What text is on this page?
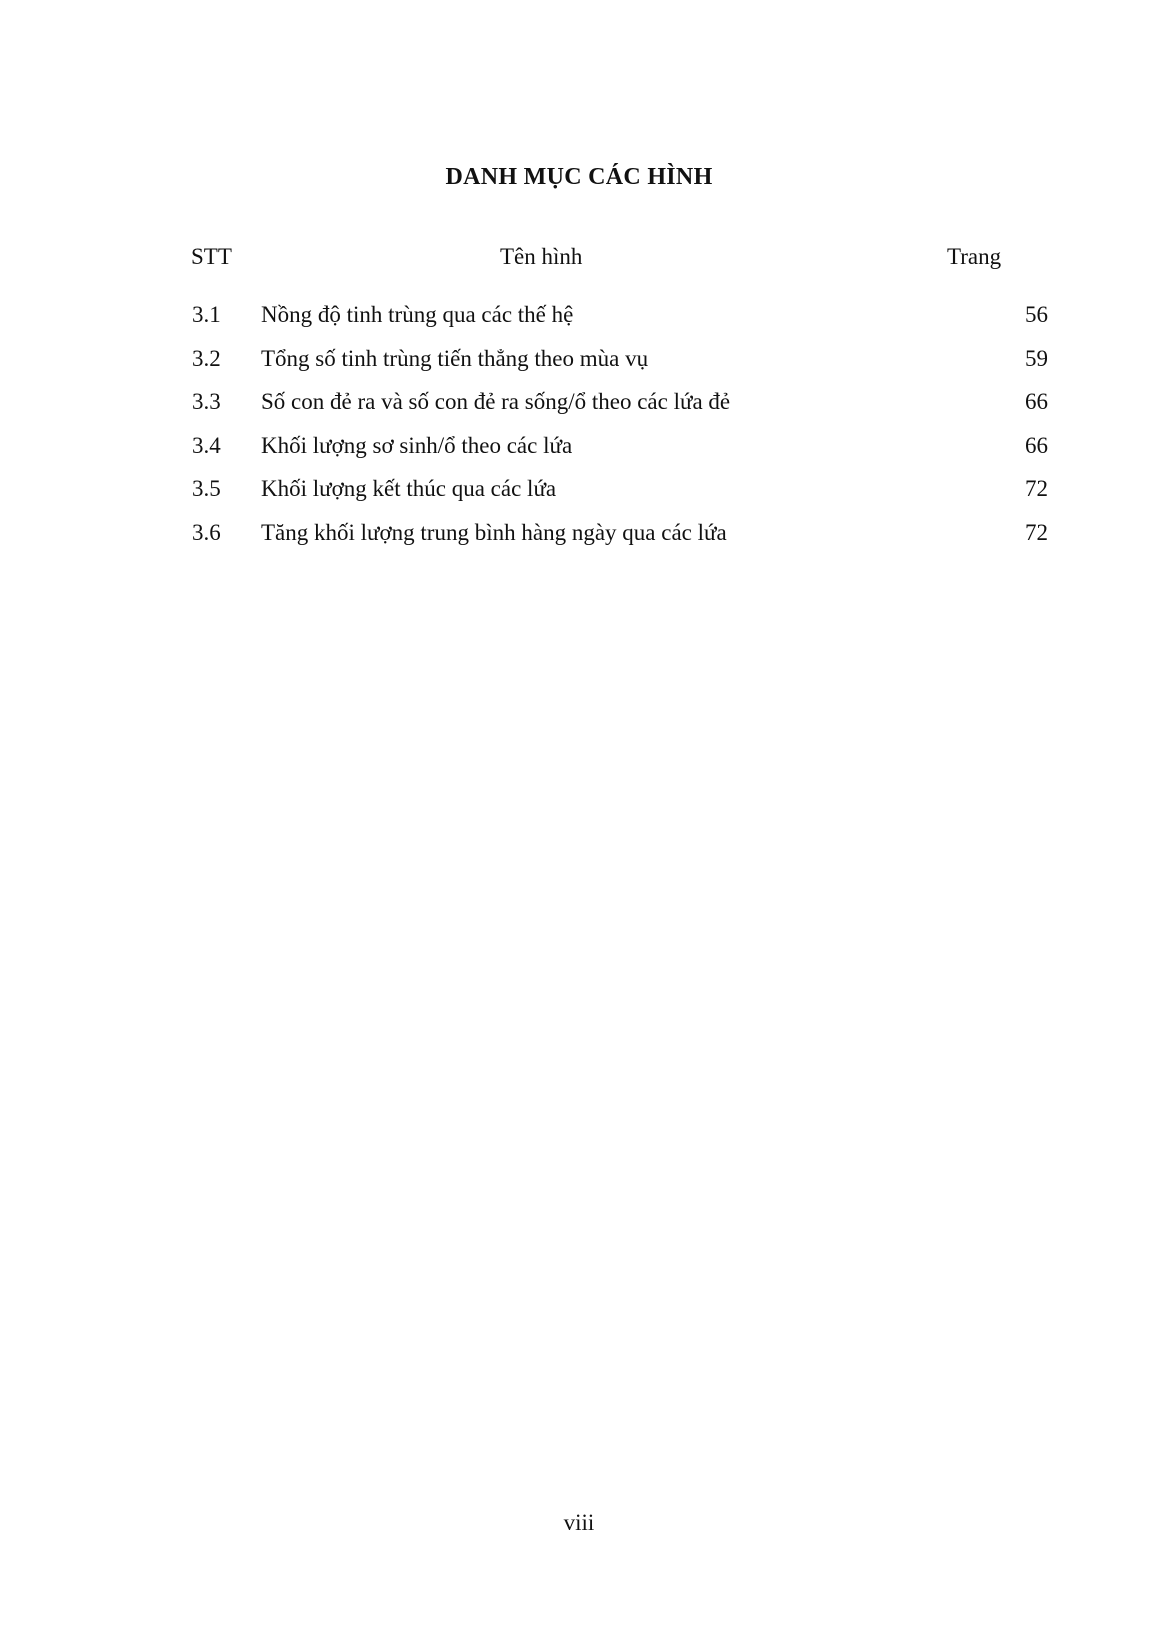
DANH MỤC CÁC HÌNH
STT	Tên hình	Trang
3.1 Nồng độ tinh trùng qua các thế hệ	56
3.2 Tổng số tinh trùng tiến thẳng theo mùa vụ	59
3.3 Số con đẻ ra và số con đẻ ra sống/ổ theo các lứa đẻ	66
3.4 Khối lượng sơ sinh/ổ theo các lứa	66
3.5 Khối lượng kết thúc qua các lứa	72
3.6 Tăng khối lượng trung bình hàng ngày qua các lứa	72
viii
